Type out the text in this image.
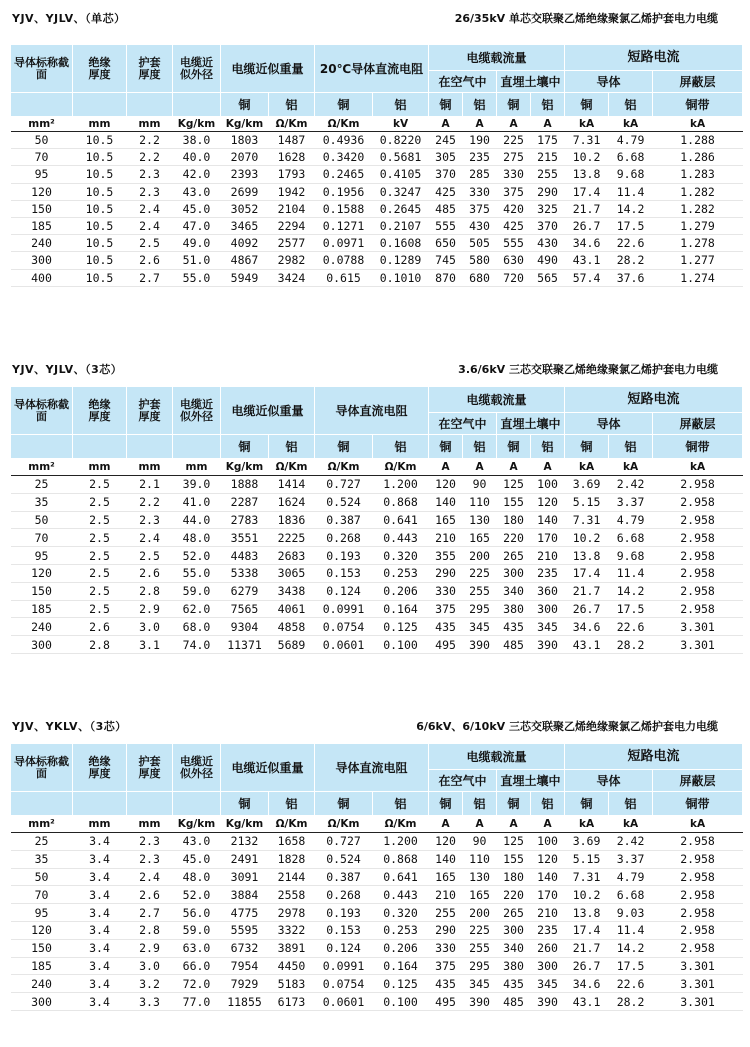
YJV、YJLV、（单芯）	26/35kV 单芯交联聚乙烯绝缘聚氯乙烯护套电力电缆
导体标称截面	绝缘厚度	护套厚度	电缆近似外径	电缆近似重量		20℃导体直流电阻		电缆载流量				短路电流		
								在空气中		直埋土壤中		导体		屏蔽层
				铜	铝	铜	铝	铜	铝	铜	铝	铜	铝	铜带
mm²	mm	mm	Kg/km	Kg/km	Ω/Km	Ω/Km	kV	A	A	A	A	kA	kA	kA
50	10.5	2.2	38.0	1803	1487	0.4936	0.8220	245	190	225	175	7.31	4.79	1.288
70	10.5	2.2	40.0	2070	1628	0.3420	0.5681	305	235	275	215	10.2	6.68	1.286
95	10.5	2.3	42.0	2393	1793	0.2465	0.4105	370	285	330	255	13.8	9.68	1.283
120	10.5	2.3	43.0	2699	1942	0.1956	0.3247	425	330	375	290	17.4	11.4	1.282
150	10.5	2.4	45.0	3052	2104	0.1588	0.2645	485	375	420	325	21.7	14.2	1.282
185	10.5	2.4	47.0	3465	2294	0.1271	0.2107	555	430	425	370	26.7	17.5	1.279
240	10.5	2.5	49.0	4092	2577	0.0971	0.1608	650	505	555	430	34.6	22.6	1.278
300	10.5	2.6	51.0	4867	2982	0.0788	0.1289	745	580	630	490	43.1	28.2	1.277
400	10.5	2.7	55.0	5949	3424	0.615	0.1010	870	680	720	565	57.4	37.6	1.274
YJV、YJLV、（3芯）	3.6/6kV 三芯交联聚乙烯绝缘聚氯乙烯护套电力电缆
导体标称截面	绝缘厚度	护套厚度	电缆近似外径	电缆近似重量		导体直流电阻		电缆载流量				短路电流		
								在空气中		直埋土壤中		导体		屏蔽层
				铜	铝	铜	铝	铜	铝	铜	铝	铜	铝	铜带
mm²	mm	mm	mm	Kg/km	Ω/Km	Ω/Km	Ω/Km	A	A	A	A	kA	kA	kA
25	2.5	2.1	39.0	1888	1414	0.727	1.200	120	90	125	100	3.69	2.42	2.958
35	2.5	2.2	41.0	2287	1624	0.524	0.868	140	110	155	120	5.15	3.37	2.958
50	2.5	2.3	44.0	2783	1836	0.387	0.641	165	130	180	140	7.31	4.79	2.958
70	2.5	2.4	48.0	3551	2225	0.268	0.443	210	165	220	170	10.2	6.68	2.958
95	2.5	2.5	52.0	4483	2683	0.193	0.320	355	200	265	210	13.8	9.68	2.958
120	2.5	2.6	55.0	5338	3065	0.153	0.253	290	225	300	235	17.4	11.4	2.958
150	2.5	2.8	59.0	6279	3438	0.124	0.206	330	255	340	360	21.7	14.2	2.958
185	2.5	2.9	62.0	7565	4061	0.0991	0.164	375	295	380	300	26.7	17.5	2.958
240	2.6	3.0	68.0	9304	4858	0.0754	0.125	435	345	435	345	34.6	22.6	3.301
300	2.8	3.1	74.0	11371	5689	0.0601	0.100	495	390	485	390	43.1	28.2	3.301
YJV、YKLV、（3芯）	6/6kV、6/10kV 三芯交联聚乙烯绝缘聚氯乙烯护套电力电缆
导体标称截面	绝缘厚度	护套厚度	电缆近似外径	电缆近似重量		导体直流电阻		电缆载流量				短路电流		
								在空气中		直埋土壤中		导体		屏蔽层
				铜	铝	铜	铝	铜	铝	铜	铝	铜	铝	铜带
mm²	mm	mm	Kg/km	Kg/km	Ω/Km	Ω/Km	Ω/Km	A	A	A	A	kA	kA	kA
25	3.4	2.3	43.0	2132	1658	0.727	1.200	120	90	125	100	3.69	2.42	2.958
35	3.4	2.3	45.0	2491	1828	0.524	0.868	140	110	155	120	5.15	3.37	2.958
50	3.4	2.4	48.0	3091	2144	0.387	0.641	165	130	180	140	7.31	4.79	2.958
70	3.4	2.6	52.0	3884	2558	0.268	0.443	210	165	220	170	10.2	6.68	2.958
95	3.4	2.7	56.0	4775	2978	0.193	0.320	255	200	265	210	13.8	9.03	2.958
120	3.4	2.8	59.0	5595	3322	0.153	0.253	290	225	300	235	17.4	11.4	2.958
150	3.4	2.9	63.0	6732	3891	0.124	0.206	330	255	340	260	21.7	14.2	2.958
185	3.4	3.0	66.0	7954	4450	0.0991	0.164	375	295	380	300	26.7	17.5	3.301
240	3.4	3.2	72.0	7929	5183	0.0754	0.125	435	345	435	345	34.6	22.6	3.301
300	3.4	3.3	77.0	11855	6173	0.0601	0.100	495	390	485	390	43.1	28.2	3.301
